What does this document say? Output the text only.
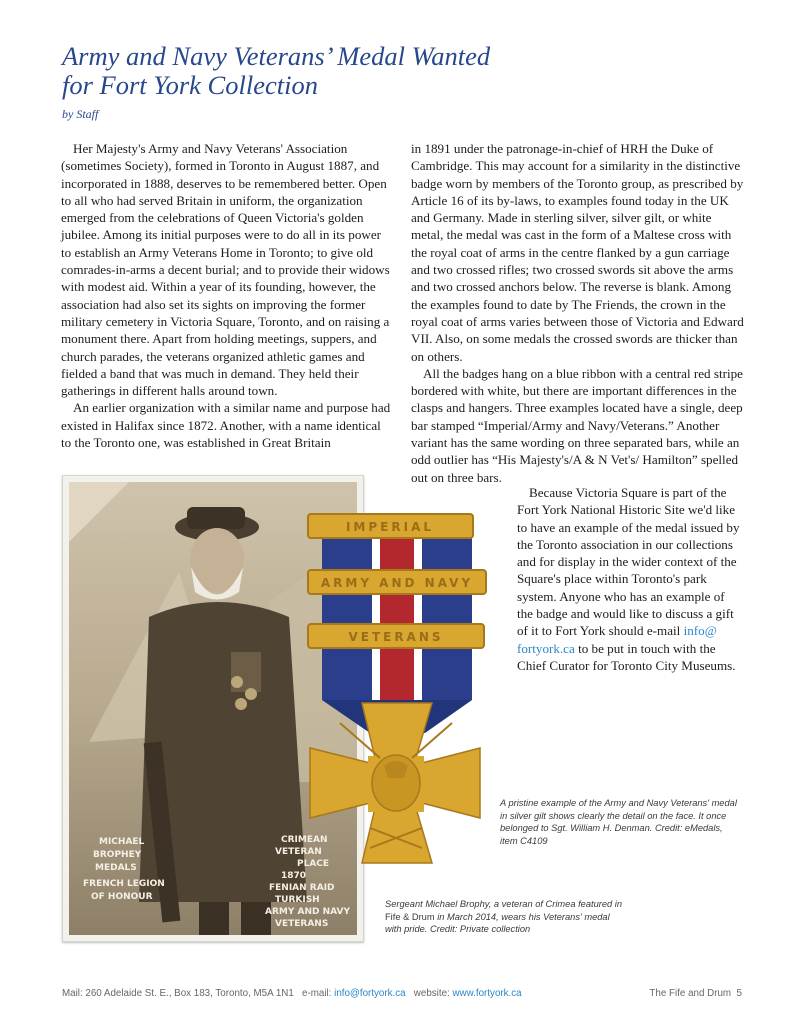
Army and Navy Veterans’ Medal Wanted
for Fort York Collection
by Staff

Her Majesty's Army and Navy Veterans' Association (sometimes Society), formed in Toronto in August 1887, and incorporated in 1888, deserves to be remembered better. Open to all who had served Britain in uniform, the organization emerged from the celebrations of Queen Victoria's golden jubilee. Among its initial purposes were to do all in its power to establish an Army Veterans Home in Toronto; to give old comrades-in-arms a decent burial; and to provide their widows with modest aid. Within a year of its founding, however, the association had also set its sights on improving the former military cemetery in Victoria Square, Toronto, and on raising a monument there. Apart from holding meetings, suppers, and church parades, the veterans organized athletic games and fielded a band that was much in demand. They held their gatherings in different halls around town.

An earlier organization with a similar name and purpose had existed in Halifax since 1872. Another, with a name identical to the Toronto one, was established in Great Britain

in 1891 under the patronage-in-chief of HRH the Duke of Cambridge. This may account for a similarity in the distinctive badge worn by members of the Toronto group, as prescribed by Article 16 of its by-laws, to examples found today in the UK and Germany. Made in sterling silver, silver gilt, or white metal, the medal was cast in the form of a Maltese cross with the royal coat of arms in the centre flanked by a gun carriage and two crossed rifles; two crossed swords sit above the arms and two crossed anchors below. The reverse is blank. Among the examples found to date by The Friends, the crown in the royal coat of arms varies between those of Victoria and Edward VII. Also, on some medals the crossed swords are thicker than on others.

All the badges hang on a blue ribbon with a central red stripe bordered with white, but there are important differences in the clasps and hangers. Three examples located have a single, deep bar stamped “Imperial/Army and Navy/Veterans.” Another variant has the same wording on three separated bars, while an odd outlier has “His Majesty's/A & N Vet's/ Hamilton” spelled out on three bars.

Because Victoria Square is part of the Fort York National Historic Site we'd like to have an example of the medal issued by the Toronto association in our collections and for display in the wider context of the Square's place within Toronto's park system. Anyone who has an example of the badge and would like to discuss a gift of it to Fort York should e-mail info@
fortyork.ca to be put in touch with the Chief Curator for Toronto City Museums.

MICHAEL
BROPHEY
MEDALS
FRENCH LEGION
OF HONOUR
CRIMEAN
VETERAN
PLACE
1870
FENIAN RAID
TURKISH
ARMY AND NAVY
VETERANS
IMPERIAL
ARMY AND NAVY
VETERANS

A pristine example of the Army and Navy Veterans' medal in silver gilt shows clearly the detail on the face. It once belonged to Sgt. William H. Denman. Credit: eMedals, item C4109

Sergeant Michael Brophy, a veteran of Crimea featured in Fife & Drum in March 2014, wears his Veterans' medal with pride. Credit: Private collection

Mail: 260 Adelaide St. E., Box 183, Toronto, M5A 1N1 e-mail: info@fortyork.ca website: www.fortyork.ca	The Fife and Drum 5
